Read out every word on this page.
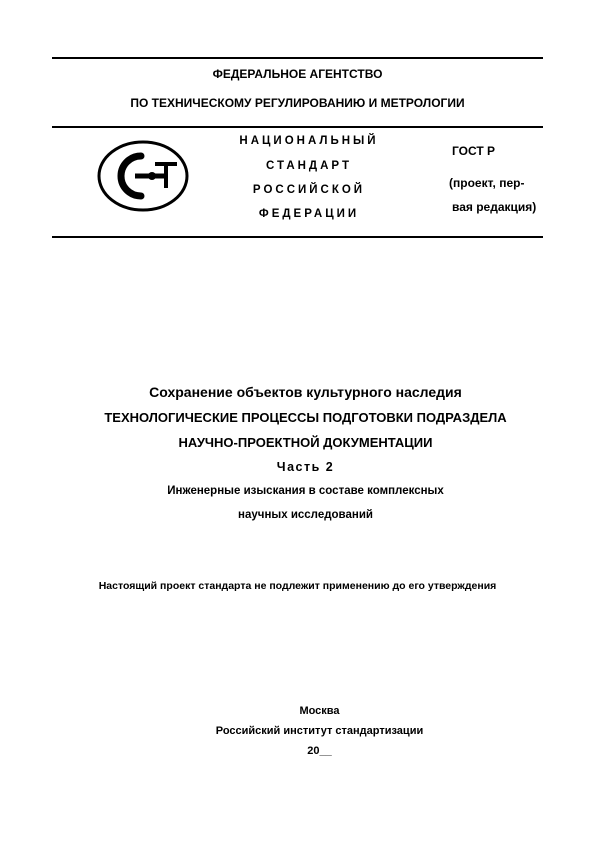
ФЕДЕРАЛЬНОЕ АГЕНТСТВО
ПО ТЕХНИЧЕСКОМУ РЕГУЛИРОВАНИЮ И МЕТРОЛОГИИ
НАЦИОНАЛЬНЫЙ
СТАНДАРТ
РОССИЙСКОЙ
ФЕДЕРАЦИИ
ГОСТ Р
(проект, пер-
вая редакция)
Сохранение объектов культурного наследия
ТЕХНОЛОГИЧЕСКИЕ ПРОЦЕССЫ ПОДГОТОВКИ ПОДРАЗДЕЛА
НАУЧНО-ПРОЕКТНОЙ ДОКУМЕНТАЦИИ
Часть 2
Инженерные изыскания в составе комплексных
научных исследований
Настоящий проект стандарта не подлежит применению до его утверждения
Москва
Российский институт стандартизации
20__
